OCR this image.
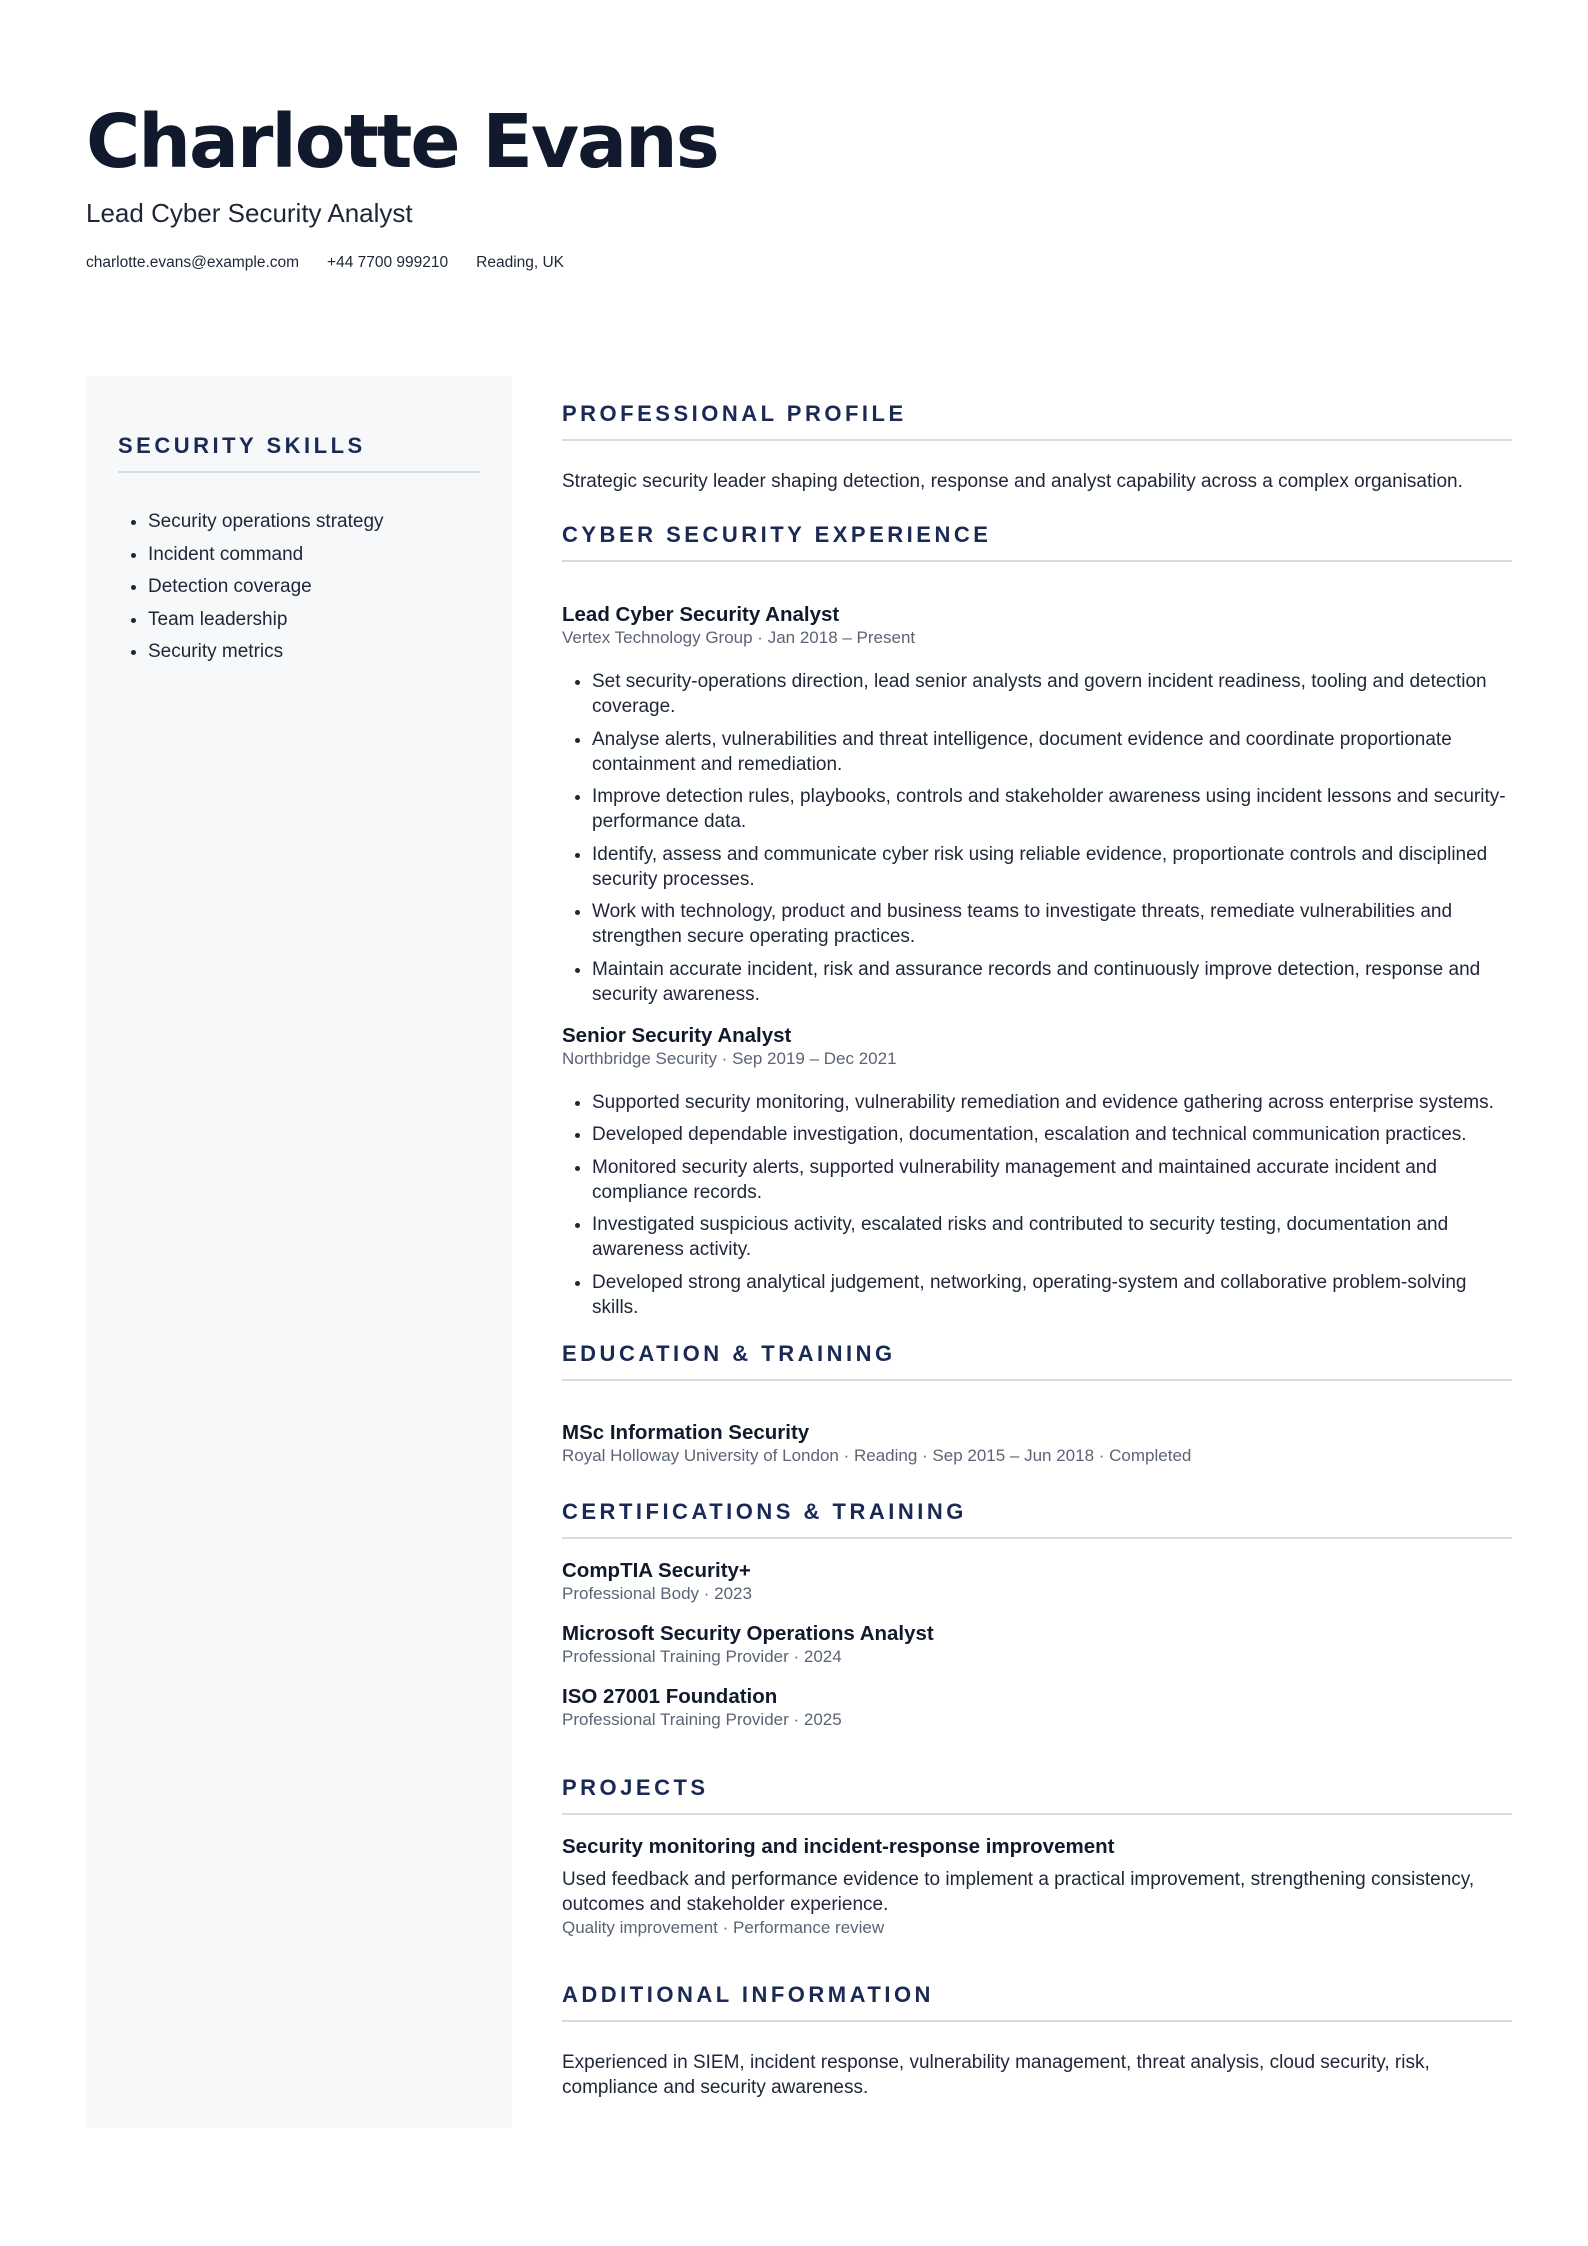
Charlotte Evans
Lead Cyber Security Analyst
charlotte.evans@example.com +44 7700 999210 Reading, UK
SECURITY SKILLS
• Security operations strategy
• Incident command
• Detection coverage
• Team leadership
• Security metrics
PROFESSIONAL PROFILE
Strategic security leader shaping detection, response and analyst capability across a complex organisation.
CYBER SECURITY EXPERIENCE
Lead Cyber Security Analyst
Vertex Technology Group · Jan 2018 – Present
• Set security-operations direction, lead senior analysts and govern incident readiness, tooling and detection coverage.
• Analyse alerts, vulnerabilities and threat intelligence, document evidence and coordinate proportionate containment and remediation.
• Improve detection rules, playbooks, controls and stakeholder awareness using incident lessons and security-performance data.
• Identify, assess and communicate cyber risk using reliable evidence, proportionate controls and disciplined security processes.
• Work with technology, product and business teams to investigate threats, remediate vulnerabilities and strengthen secure operating practices.
• Maintain accurate incident, risk and assurance records and continuously improve detection, response and security awareness.
Senior Security Analyst
Northbridge Security · Sep 2019 – Dec 2021
• Supported security monitoring, vulnerability remediation and evidence gathering across enterprise systems.
• Developed dependable investigation, documentation, escalation and technical communication practices.
• Monitored security alerts, supported vulnerability management and maintained accurate incident and compliance records.
• Investigated suspicious activity, escalated risks and contributed to security testing, documentation and awareness activity.
• Developed strong analytical judgement, networking, operating-system and collaborative problem-solving skills.
EDUCATION & TRAINING
MSc Information Security
Royal Holloway University of London · Reading · Sep 2015 – Jun 2018 · Completed
CERTIFICATIONS & TRAINING
CompTIA Security+
Professional Body · 2023
Microsoft Security Operations Analyst
Professional Training Provider · 2024
ISO 27001 Foundation
Professional Training Provider · 2025
PROJECTS
Security monitoring and incident-response improvement
Used feedback and performance evidence to implement a practical improvement, strengthening consistency, outcomes and stakeholder experience.
Quality improvement · Performance review
ADDITIONAL INFORMATION
Experienced in SIEM, incident response, vulnerability management, threat analysis, cloud security, risk, compliance and security awareness.
